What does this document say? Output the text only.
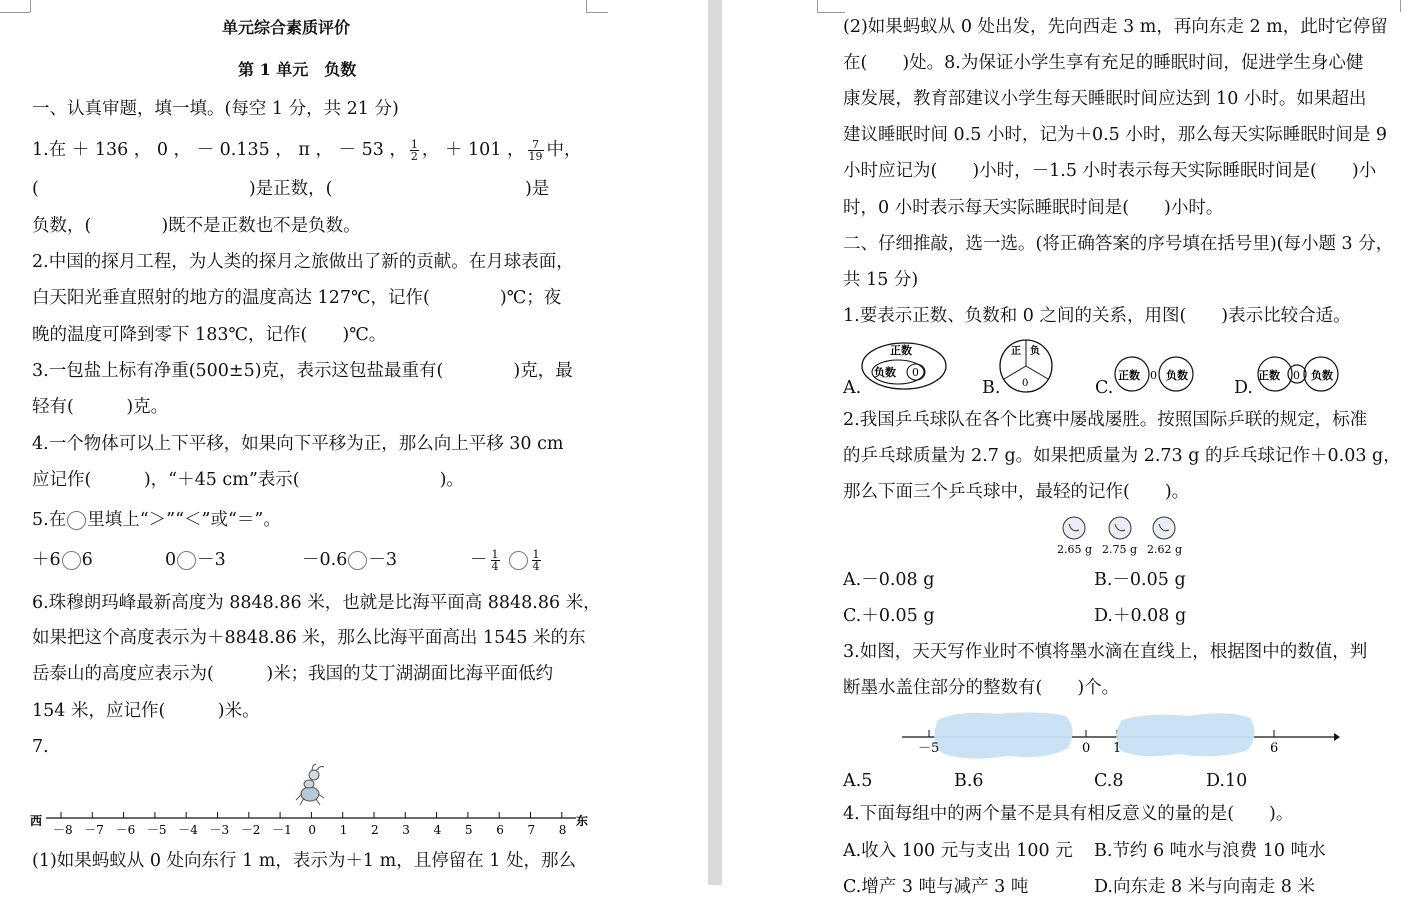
单元综合素质评价
第 1 单元　负数
一、认真审题，填一填。(每空 1 分，共 21 分)
1.在 ＋ 136 ， 0 ， － 0.135 ， π ， － 53 ， $\frac{1}{2}$ ， ＋ 101 ， $\frac{7}{19}$ 中，
(　　　　　　　　　　　　)是正数，(　　　　　　　　　　　)是
负数，(　　　　)既不是正数也不是负数。
2.中国的探月工程，为人类的探月之旅做出了新的贡献。在月球表面，
白天阳光垂直照射的地方的温度高达 127℃，记作(　　　　)℃；夜
晚的温度可降到零下 183℃，记作(　　)℃。
3.一包盐上标有净重(500±5)克，表示这包盐最重有(　　　　)克，最
轻有(　　　)克。
4.一个物体可以上下平移，如果向下平移为正，那么向上平移 30 cm
应记作(　　　)，“＋45 cm”表示(　　　　　　　　)。
5.在 里填上“＞”“＜”或“＝”。
＋6 6	0 －3	－0.6 －3	－ $\frac{1}{4}$	$\frac{1}{4}$
6.珠穆朗玛峰最新高度为 8848.86 米，也就是比海平面高 8848.86 米，
如果把这个高度表示为＋8848.86 米，那么比海平面高出 1545 米的东
岳泰山的高度应表示为(　　　)米；我国的艾丁湖湖面比海平面低约
154 米，应记作(　　　)米。
7.
西	东
－8 －7 －6 －5 －4 －3 －2 －1 0 1 2 3 4 5 6 7 8
(1)如果蚂蚁从 0 处向东行 1 m，表示为＋1 m，且停留在 1 处，那么
(2)如果蚂蚁从 0 处出发，先向西走 3 m，再向东走 2 m，此时它停留
在(　　)处。8.为保证小学生享有充足的睡眠时间，促进学生身心健
康发展，教育部建议小学生每天睡眠时间应达到 10 小时。如果超出
建议睡眠时间 0.5 小时，记为＋0.5 小时，那么每天实际睡眠时间是 9
小时应记为(　　)小时，－1.5 小时表示每天实际睡眠时间是(　　)小
时，0 小时表示每天实际睡眠时间是(　　)小时。
二、仔细推敲，选一选。(将正确答案的序号填在括号里)(每小题 3 分，
共 15 分)
1.要表示正数、负数和 0 之间的关系，用图(　　)表示比较合适。
A.	B.	C.	D.
正数
负数 0
正 负
0
正数 0 负数	正数 0 负数
2.我国乒乓球队在各个比赛中屡战屡胜。按照国际乒联的规定，标准
的乒乓球质量为 2.7 g。如果把质量为 2.73 g 的乒乓球记作＋0.03 g，
那么下面三个乒乓球中，最轻的记作(　　)。
2.65 g 2.75 g 2.62 g
A.－0.08 g	B.－0.05 g
C.＋0.05 g	D.＋0.08 g
3.如图，天天写作业时不慎将墨水滴在直线上，根据图中的数值，判
断墨水盖住部分的整数有(　　)个。
－5	0 1	6
A.5	B.6	C.8	D.10
4.下面每组中的两个量不是具有相反意义的量的是(　　)。
A.收入 100 元与支出 100 元 B.节约 6 吨水与浪费 10 吨水
C.增产 3 吨与减产 3 吨	D.向东走 8 米与向南走 8 米
